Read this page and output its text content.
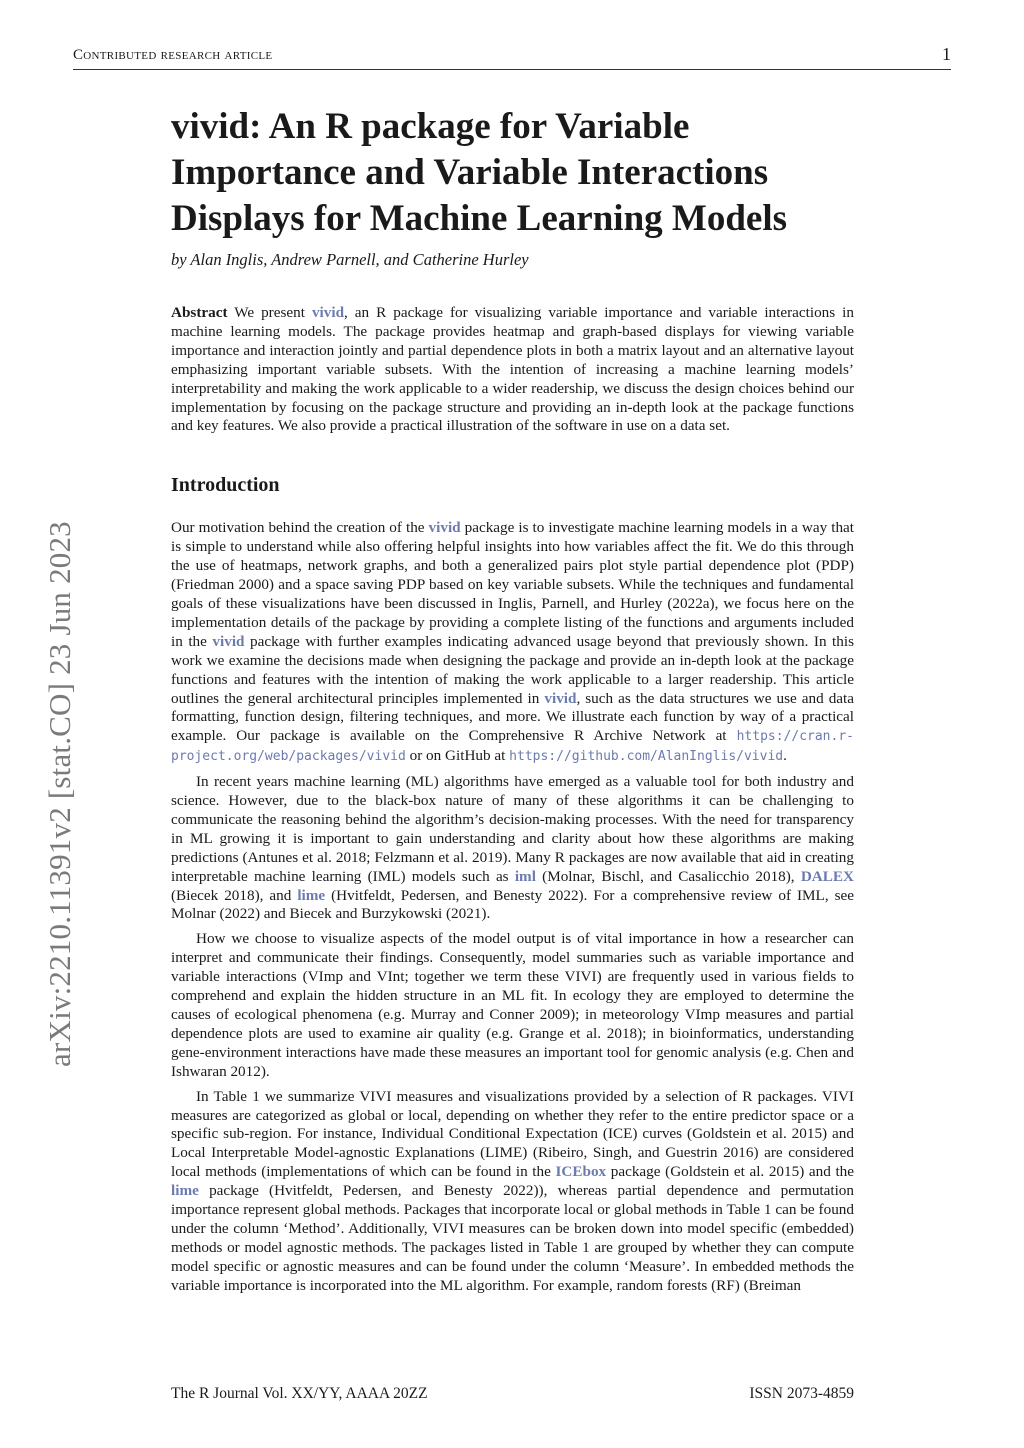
Contributed research article	1
arXiv:2210.11391v2 [stat.CO] 23 Jun 2023
vivid: An R package for Variable Importance and Variable Interactions Displays for Machine Learning Models
by Alan Inglis, Andrew Parnell, and Catherine Hurley
Abstract We present vivid, an R package for visualizing variable importance and variable interactions in machine learning models. The package provides heatmap and graph-based displays for viewing variable importance and interaction jointly and partial dependence plots in both a matrix layout and an alternative layout emphasizing important variable subsets. With the intention of increasing a machine learning models’ interpretability and making the work applicable to a wider readership, we discuss the design choices behind our implementation by focusing on the package structure and providing an in-depth look at the package functions and key features. We also provide a practical illustration of the software in use on a data set.
Introduction

Our motivation behind the creation of the vivid package is to investigate machine learning models in a way that is simple to understand while also offering helpful insights into how variables affect the fit. We do this through the use of heatmaps, network graphs, and both a generalized pairs plot style partial dependence plot (PDP) (Friedman 2000) and a space saving PDP based on key variable subsets. While the techniques and fundamental goals of these visualizations have been discussed in Inglis, Parnell, and Hurley (2022a), we focus here on the implementation details of the package by providing a complete listing of the functions and arguments included in the vivid package with further examples indicating advanced usage beyond that previously shown. In this work we examine the decisions made when designing the package and provide an in-depth look at the package functions and features with the intention of making the work applicable to a larger readership. This article outlines the general architectural principles implemented in vivid, such as the data structures we use and data formatting, function design, filtering techniques, and more. We illustrate each function by way of a practical example. Our package is available on the Comprehensive R Archive Network at https://cran.r-project.org/web/packages/vivid or on GitHub at https://github.com/AlanInglis/vivid.

In recent years machine learning (ML) algorithms have emerged as a valuable tool for both industry and science. However, due to the black-box nature of many of these algorithms it can be challenging to communicate the reasoning behind the algorithm’s decision-making processes. With the need for transparency in ML growing it is important to gain understanding and clarity about how these algorithms are making predictions (Antunes et al. 2018; Felzmann et al. 2019). Many R packages are now available that aid in creating interpretable machine learning (IML) models such as iml (Molnar, Bischl, and Casalicchio 2018), DALEX (Biecek 2018), and lime (Hvitfeldt, Pedersen, and Benesty 2022). For a comprehensive review of IML, see Molnar (2022) and Biecek and Burzykowski (2021).

How we choose to visualize aspects of the model output is of vital importance in how a researcher can interpret and communicate their findings. Consequently, model summaries such as variable importance and variable interactions (VImp and VInt; together we term these VIVI) are frequently used in various fields to comprehend and explain the hidden structure in an ML fit. In ecology they are employed to determine the causes of ecological phenomena (e.g. Murray and Conner 2009); in meteorology VImp measures and partial dependence plots are used to examine air quality (e.g. Grange et al. 2018); in bioinformatics, understanding gene-environment interactions have made these measures an important tool for genomic analysis (e.g. Chen and Ishwaran 2012).

In Table 1 we summarize VIVI measures and visualizations provided by a selection of R packages. VIVI measures are categorized as global or local, depending on whether they refer to the entire predictor space or a specific sub-region. For instance, Individual Conditional Expectation (ICE) curves (Goldstein et al. 2015) and Local Interpretable Model-agnostic Explanations (LIME) (Ribeiro, Singh, and Guestrin 2016) are considered local methods (implementations of which can be found in the ICEbox package (Goldstein et al. 2015) and the lime package (Hvitfeldt, Pedersen, and Benesty 2022)), whereas partial dependence and permutation importance represent global methods. Packages that incorporate local or global methods in Table 1 can be found under the column ‘Method’. Additionally, VIVI measures can be broken down into model specific (embedded) methods or model agnostic methods. The packages listed in Table 1 are grouped by whether they can compute model specific or agnostic measures and can be found under the column ‘Measure’. In embedded methods the variable importance is incorporated into the ML algorithm. For example, random forests (RF) (Breiman

The R Journal Vol. XX/YY, AAAA 20ZZ	ISSN 2073-4859
